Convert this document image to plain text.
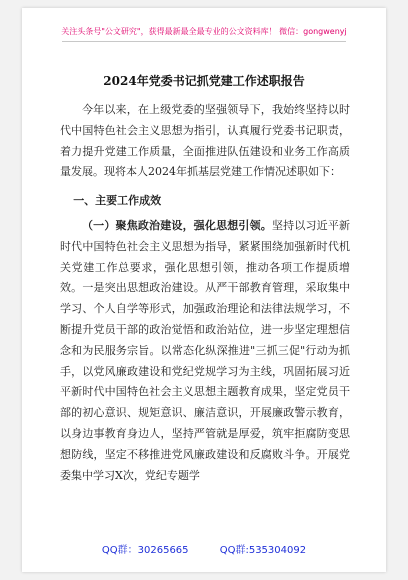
关注头条号"公文研究"，获得最新最全最专业的公文资料库！ 微信：gongwenyj
2024年党委书记抓党建工作述职报告

今年以来，在上级党委的坚强领导下，我始终坚持以时代中国特色社会主义思想为指引，认真履行党委书记职责，着力提升党建工作质量，全面推进队伍建设和业务工作高质量发展。现将本人2024年抓基层党建工作情况述职如下：

一、主要工作成效

（一）聚焦政治建设，强化思想引领。坚持以习近平新时代中国特色社会主义思想为指导，紧紧围绕加强新时代机关党建工作总要求，强化思想引领，推动各项工作提质增效。一是突出思想政治建设。从严干部教育管理，采取集中学习、个人自学等形式，加强政治理论和法律法规学习，不断提升党员干部的政治觉悟和政治站位，进一步坚定理想信念和为民服务宗旨。以常态化纵深推进"三抓三促"行动为抓手，以党风廉政建设和党纪党规学习为主线，巩固拓展习近平新时代中国特色社会主义思想主题教育成果，坚定党员干部的初心意识、规矩意识、廉洁意识，开展廉政警示教育，以身边事教育身边人，坚持严管就是厚爱，筑牢拒腐防变思想防线，坚定不移推进党风廉政建设和反腐败斗争。开展党委集中学习X次，党纪专题学

QQ群：30265665	QQ群:535304092
